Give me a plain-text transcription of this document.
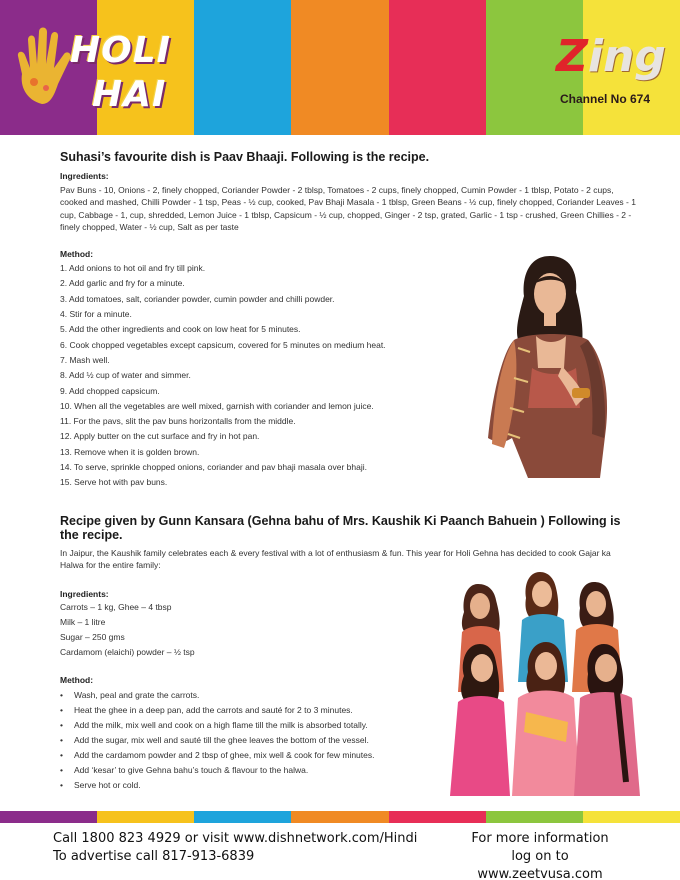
HOLI
HAI
Zing
Channel No 674
Suhasi’s favourite dish is Paav Bhaaji. Following is the recipe.
Ingredients:
Pav Buns - 10, Onions - 2, finely chopped, Coriander Powder - 2 tblsp, Tomatoes - 2 cups, finely chopped, Cumin Powder - 1 tblsp, Potato - 2 cups, cooked and mashed, Chilli Powder - 1 tsp, Peas - ½ cup, cooked, Pav Bhaji Masala - 1 tblsp, Green Beans - ½ cup, finely chopped, Coriander Leaves - 1 cup, Cabbage - 1, cup, shredded, Lemon Juice - 1 tblsp, Capsicum - ½ cup, chopped, Ginger - 2 tsp, grated, Garlic - 1 tsp - crushed, Green Chillies - 2 - finely chopped, Water - ½ cup, Salt as per taste
Method:
1. Add onions to hot oil and fry till pink.
2. Add garlic and fry for a minute.
3. Add tomatoes, salt, coriander powder, cumin powder and chilli powder.
4. Stir for a minute.
5. Add the other ingredients and cook on low heat for 5 minutes.
6. Cook chopped vegetables except capsicum, covered for 5 minutes on medium heat.
7. Mash well.
8. Add ½ cup of water and simmer.
9. Add chopped capsicum.
10. When all the vegetables are well mixed, garnish with coriander and lemon juice.
11. For the pavs, slit the pav buns horizontalls from the middle.
12. Apply butter on the cut surface and fry in hot pan.
13. Remove when it is golden brown.
14. To serve, sprinkle chopped onions, coriander and pav bhaji masala over bhaji.
15. Serve hot with pav buns.
Recipe given by Gunn Kansara (Gehna bahu of Mrs. Kaushik Ki Paanch Bahuein ) Following is the recipe.
In Jaipur, the Kaushik family celebrates each & every festival with a lot of enthusiasm & fun. This year for Holi Gehna has decided to cook Gajar ka Halwa for the entire family:
Ingredients:
Carrots – 1 kg, Ghee – 4 tbsp
Milk – 1 litre
Sugar – 250 gms
Cardamom (elaichi) powder – ½ tsp
Method:
•	Wash, peal and grate the carrots.
•	Heat the ghee in a deep pan, add the carrots and sauté for 2 to 3 minutes.
•	Add the milk, mix well and cook on a high flame till the milk is absorbed totally.
•	Add the sugar, mix well and sauté till the ghee leaves the bottom of the vessel.
•	Add the cardamom powder and 2 tbsp of ghee, mix well & cook for few minutes.
•	Add ‘kesar’ to give Gehna bahu’s touch & flavour to the halwa.
•	Serve hot or cold.
Call 1800 823 4929 or visit www.dishnetwork.com/Hindi
To advertise call 817-913-6839
For more information
log on to www.zeetvusa.com
